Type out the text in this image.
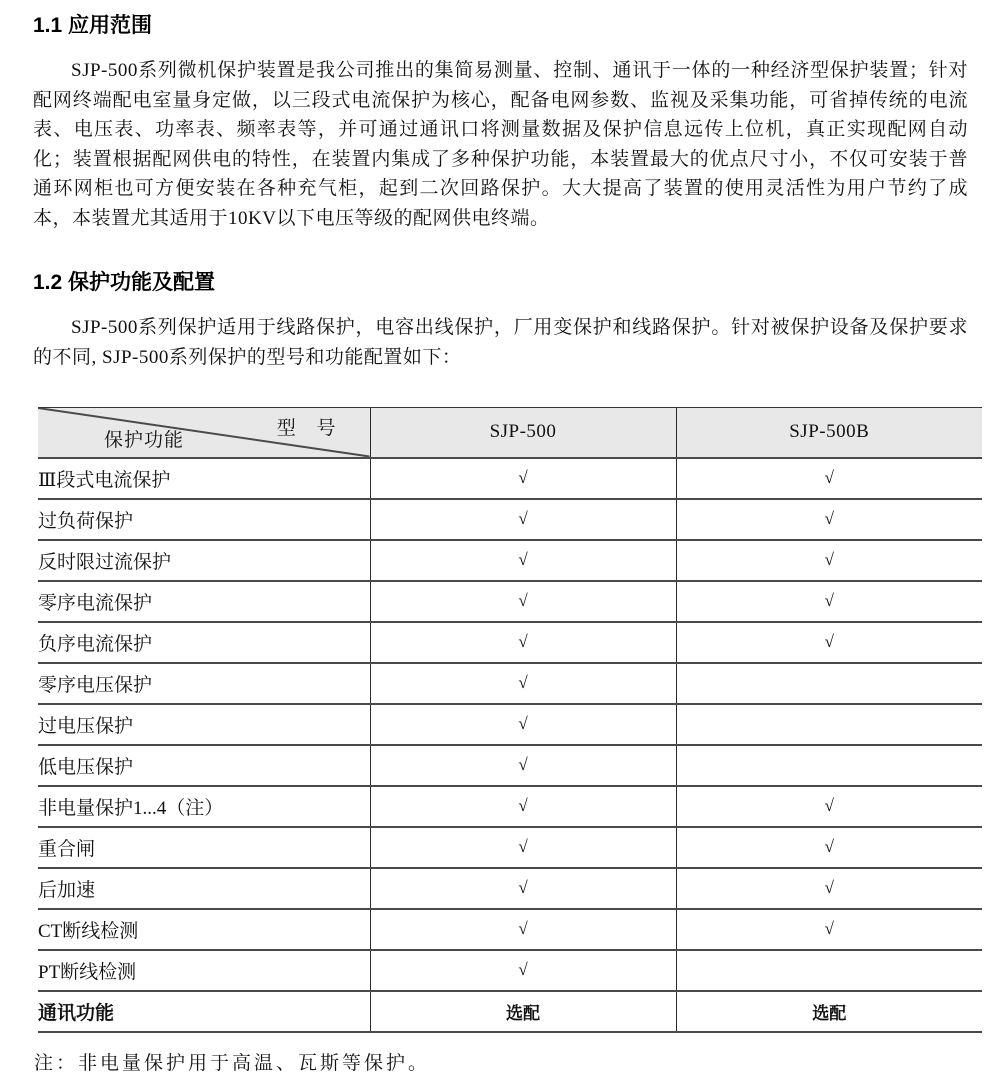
1.1 应用范围

SJP-500系列微机保护装置是我公司推出的集简易测量、控制、通讯于一体的一种经济型保护装置；针对配网终端配电室量身定做，以三段式电流保护为核心，配备电网参数、监视及采集功能，可省掉传统的电流表、电压表、功率表、频率表等，并可通过通讯口将测量数据及保护信息远传上位机，真正实现配网自动化；装置根据配网供电的特性，在装置内集成了多种保护功能，本装置最大的优点尺寸小，不仅可安装于普通环网柜也可方便安装在各种充气柜，起到二次回路保护。大大提高了装置的使用灵活性为用户节约了成本，本装置尤其适用于10KV以下电压等级的配网供电终端。

1.2 保护功能及配置

SJP-500系列保护适用于线路保护，电容出线保护，厂用变保护和线路保护。针对被保护设备及保护要求的不同, SJP-500系列保护的型号和功能配置如下：

型 号
保护功能	SJP-500	SJP-500B
Ⅲ段式电流保护	√	√
过负荷保护	√	√
反时限过流保护	√	√
零序电流保护	√	√
负序电流保护	√	√
零序电压保护	√	
过电压保护	√	
低电压保护	√	
非电量保护1...4（注）	√	√
重合闸	√	√
后加速	√	√
CT断线检测	√	√
PT断线检测	√	
通讯功能	选配	选配

注：非电量保护用于高温、瓦斯等保护。
